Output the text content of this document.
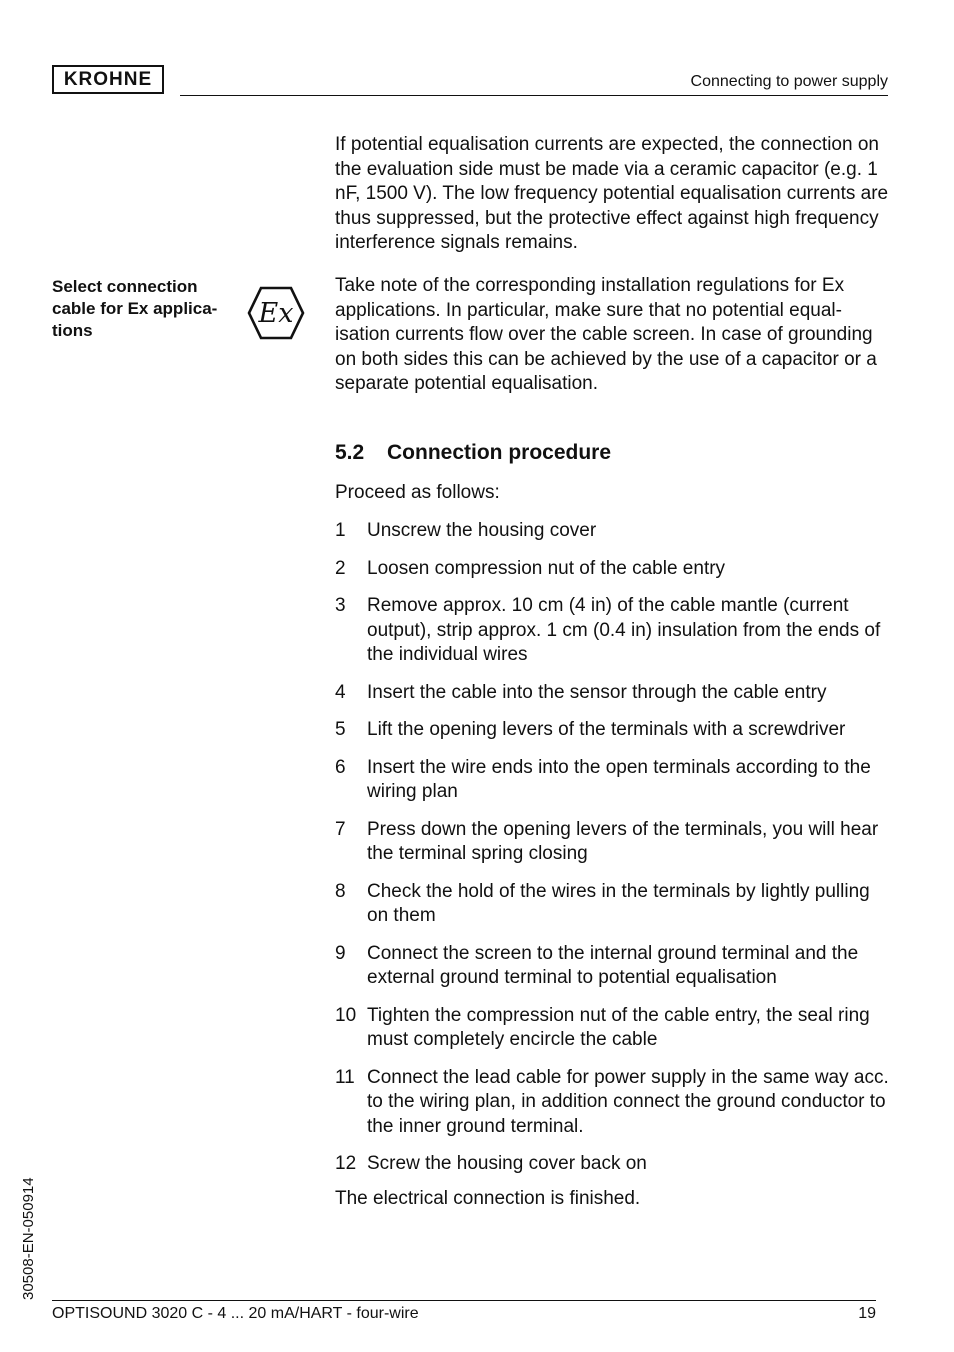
KROHNE	Connecting to power supply

If potential equalisation currents are expected, the connection on the evaluation side must be made via a ceramic capacitor (e.g. 1 nF, 1500 V). The low frequency potential equalisation currents are thus suppressed, but the protective effect against high frequency interference signals remains.

Select connection cable for Ex applica-tions
Ex

Take note of the corresponding installation regulations for Ex applications. In particular, make sure that no potential equal-isation currents flow over the cable screen. In case of grounding on both sides this can be achieved by the use of a capacitor or a separate potential equalisation.

5.2 Connection procedure

Proceed as follows:

1	Unscrew the housing cover
2	Loosen compression nut of the cable entry
3	Remove approx. 10 cm (4 in) of the cable mantle (current output), strip approx. 1 cm (0.4 in) insulation from the ends of the individual wires
4	Insert the cable into the sensor through the cable entry
5	Lift the opening levers of the terminals with a screwdriver
6	Insert the wire ends into the open terminals according to the wiring plan
7	Press down the opening levers of the terminals, you will hear the terminal spring closing
8	Check the hold of the wires in the terminals by lightly pulling on them
9	Connect the screen to the internal ground terminal and the external ground terminal to potential equalisation
10 Tighten the compression nut of the cable entry, the seal ring must completely encircle the cable
11 Connect the lead cable for power supply in the same way acc. to the wiring plan, in addition connect the ground conductor to the inner ground terminal.
12 Screw the housing cover back on

The electrical connection is finished.

30508-EN-050914
OPTISOUND 3020 C - 4 ... 20 mA/HART - four-wire	19
